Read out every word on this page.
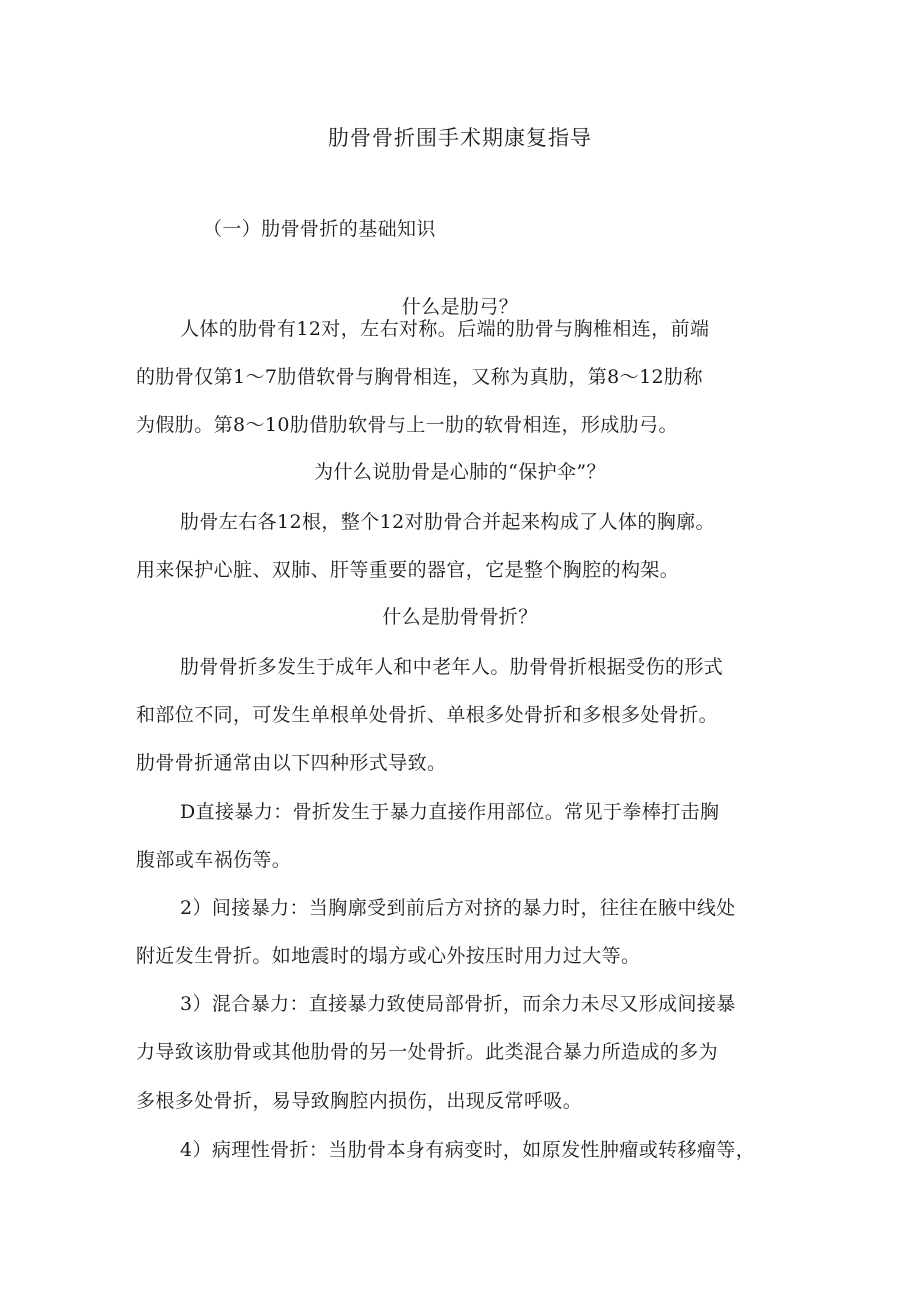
肋骨骨折围手术期康复指导
（一）肋骨骨折的基础知识
什么是肋弓？
人体的肋骨有12对，左右对称。后端的肋骨与胸椎相连，前端
的肋骨仅第1～7肋借软骨与胸骨相连，又称为真肋，第8～12肋称
为假肋。第8～10肋借肋软骨与上一肋的软骨相连，形成肋弓。
为什么说肋骨是心肺的“保护伞”？
肋骨左右各12根，整个12对肋骨合并起来构成了人体的胸廓。
用来保护心脏、双肺、肝等重要的器官，它是整个胸腔的构架。
什么是肋骨骨折？
肋骨骨折多发生于成年人和中老年人。肋骨骨折根据受伤的形式
和部位不同，可发生单根单处骨折、单根多处骨折和多根多处骨折。
肋骨骨折通常由以下四种形式导致。
D直接暴力：骨折发生于暴力直接作用部位。常见于拳棒打击胸
腹部或车祸伤等。
2）间接暴力：当胸廓受到前后方对挤的暴力时，往往在腋中线处
附近发生骨折。如地震时的塌方或心外按压时用力过大等。
3）混合暴力：直接暴力致使局部骨折，而余力未尽又形成间接暴
力导致该肋骨或其他肋骨的另一处骨折。此类混合暴力所造成的多为
多根多处骨折，易导致胸腔内损伤，出现反常呼吸。
4）病理性骨折：当肋骨本身有病变时，如原发性肿瘤或转移瘤等，
